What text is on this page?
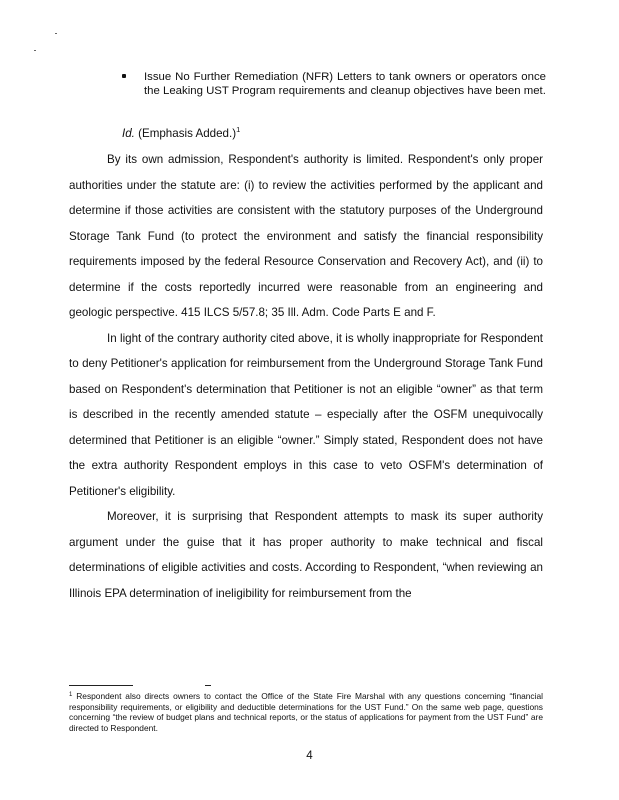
Issue No Further Remediation (NFR) Letters to tank owners or operators once the Leaking UST Program requirements and cleanup objectives have been met.
Id. (Emphasis Added.)$^1$

By its own admission, Respondent's authority is limited. Respondent's only proper authorities under the statute are: (i) to review the activities performed by the applicant and determine if those activities are consistent with the statutory purposes of the Underground Storage Tank Fund (to protect the environment and satisfy the financial responsibility requirements imposed by the federal Resource Conservation and Recovery Act), and (ii) to determine if the costs reportedly incurred were reasonable from an engineering and geologic perspective. 415 ILCS 5/57.8; 35 Ill. Adm. Code Parts E and F.

In light of the contrary authority cited above, it is wholly inappropriate for Respondent to deny Petitioner's application for reimbursement from the Underground Storage Tank Fund based on Respondent's determination that Petitioner is not an eligible “owner” as that term is described in the recently amended statute – especially after the OSFM unequivocally determined that Petitioner is an eligible “owner.” Simply stated, Respondent does not have the extra authority Respondent employs in this case to veto OSFM's determination of Petitioner's eligibility.

Moreover, it is surprising that Respondent attempts to mask its super authority argument under the guise that it has proper authority to make technical and fiscal determinations of eligible activities and costs. According to Respondent, “when reviewing an Illinois EPA determination of ineligibility for reimbursement from the

$^1$ Respondent also directs owners to contact the Office of the State Fire Marshal with any questions concerning “financial responsibility requirements, or eligibility and deductible determinations for the UST Fund.” On the same web page, questions concerning “the review of budget plans and technical reports, or the status of applications for payment from the UST Fund” are directed to Respondent.
4
